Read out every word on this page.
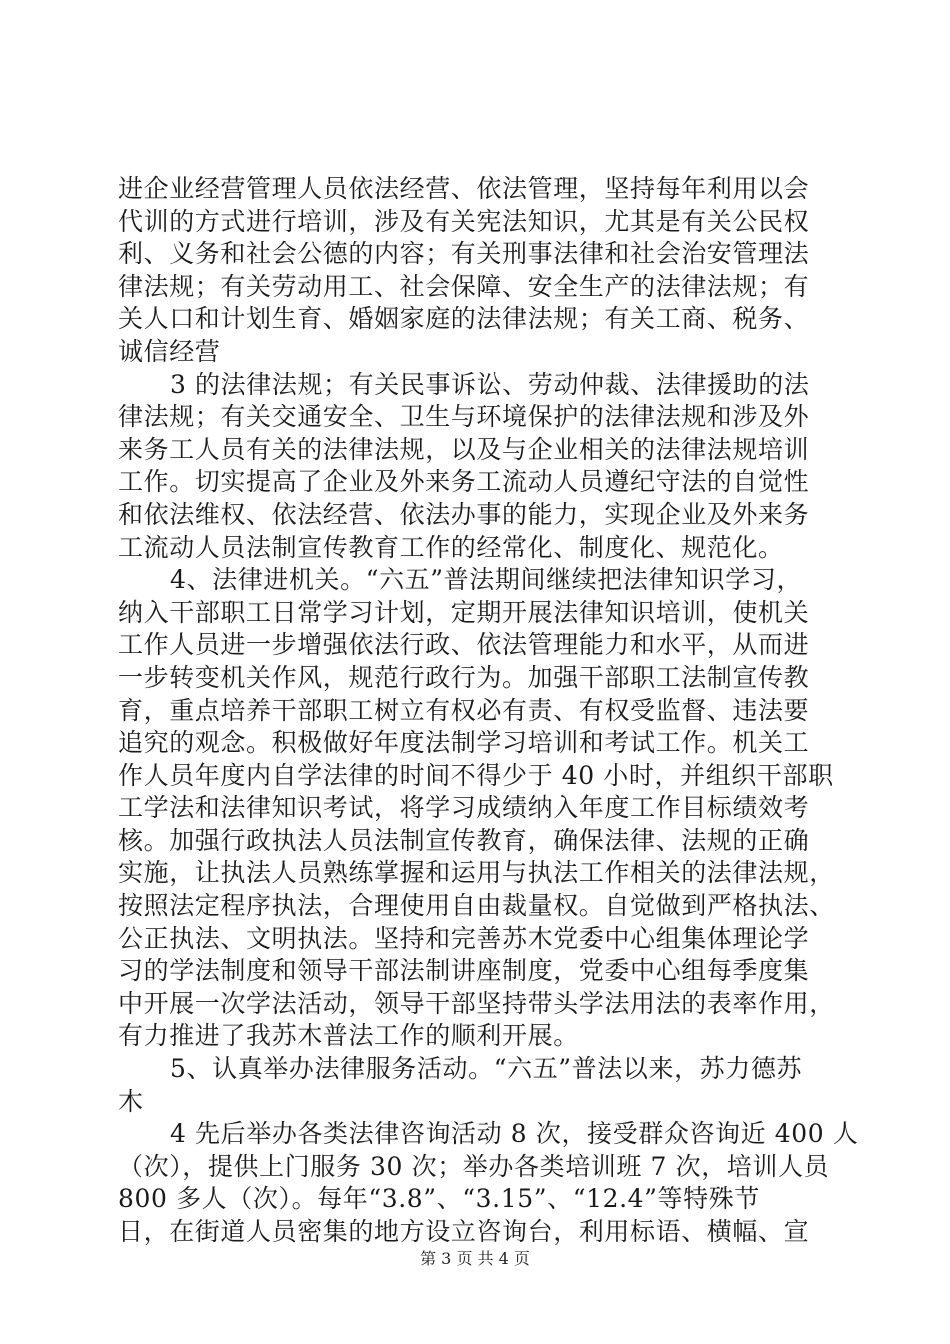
进企业经营管理人员依法经营、依法管理，坚持每年利用以会
代训的方式进行培训，涉及有关宪法知识，尤其是有关公民权
利、义务和社会公德的内容；有关刑事法律和社会治安管理法
律法规；有关劳动用工、社会保障、安全生产的法律法规；有
关人口和计划生育、婚姻家庭的法律法规；有关工商、税务、
诚信经营
3 的法律法规；有关民事诉讼、劳动仲裁、法律援助的法
律法规；有关交通安全、卫生与环境保护的法律法规和涉及外
来务工人员有关的法律法规，以及与企业相关的法律法规培训
工作。切实提高了企业及外来务工流动人员遵纪守法的自觉性
和依法维权、依法经营、依法办事的能力，实现企业及外来务
工流动人员法制宣传教育工作的经常化、制度化、规范化。
4、法律进机关。“六五”普法期间继续把法律知识学习，
纳入干部职工日常学习计划，定期开展法律知识培训，使机关
工作人员进一步增强依法行政、依法管理能力和水平，从而进
一步转变机关作风，规范行政行为。加强干部职工法制宣传教
育，重点培养干部职工树立有权必有责、有权受监督、违法要
追究的观念。积极做好年度法制学习培训和考试工作。机关工
作人员年度内自学法律的时间不得少于 40 小时，并组织干部职
工学法和法律知识考试，将学习成绩纳入年度工作目标绩效考
核。加强行政执法人员法制宣传教育，确保法律、法规的正确
实施，让执法人员熟练掌握和运用与执法工作相关的法律法规，
按照法定程序执法，合理使用自由裁量权。自觉做到严格执法、
公正执法、文明执法。坚持和完善苏木党委中心组集体理论学
习的学法制度和领导干部法制讲座制度，党委中心组每季度集
中开展一次学法活动，领导干部坚持带头学法用法的表率作用，
有力推进了我苏木普法工作的顺利开展。
5、认真举办法律服务活动。“六五”普法以来，苏力德苏
木
4 先后举办各类法律咨询活动 8 次，接受群众咨询近 400 人
（次），提供上门服务 30 次；举办各类培训班 7 次，培训人员
800 多人（次）。每年“3.8”、“3.15”、“12.4”等特殊节
日，在街道人员密集的地方设立咨询台，利用标语、横幅、宣
第 3 页 共 4 页
